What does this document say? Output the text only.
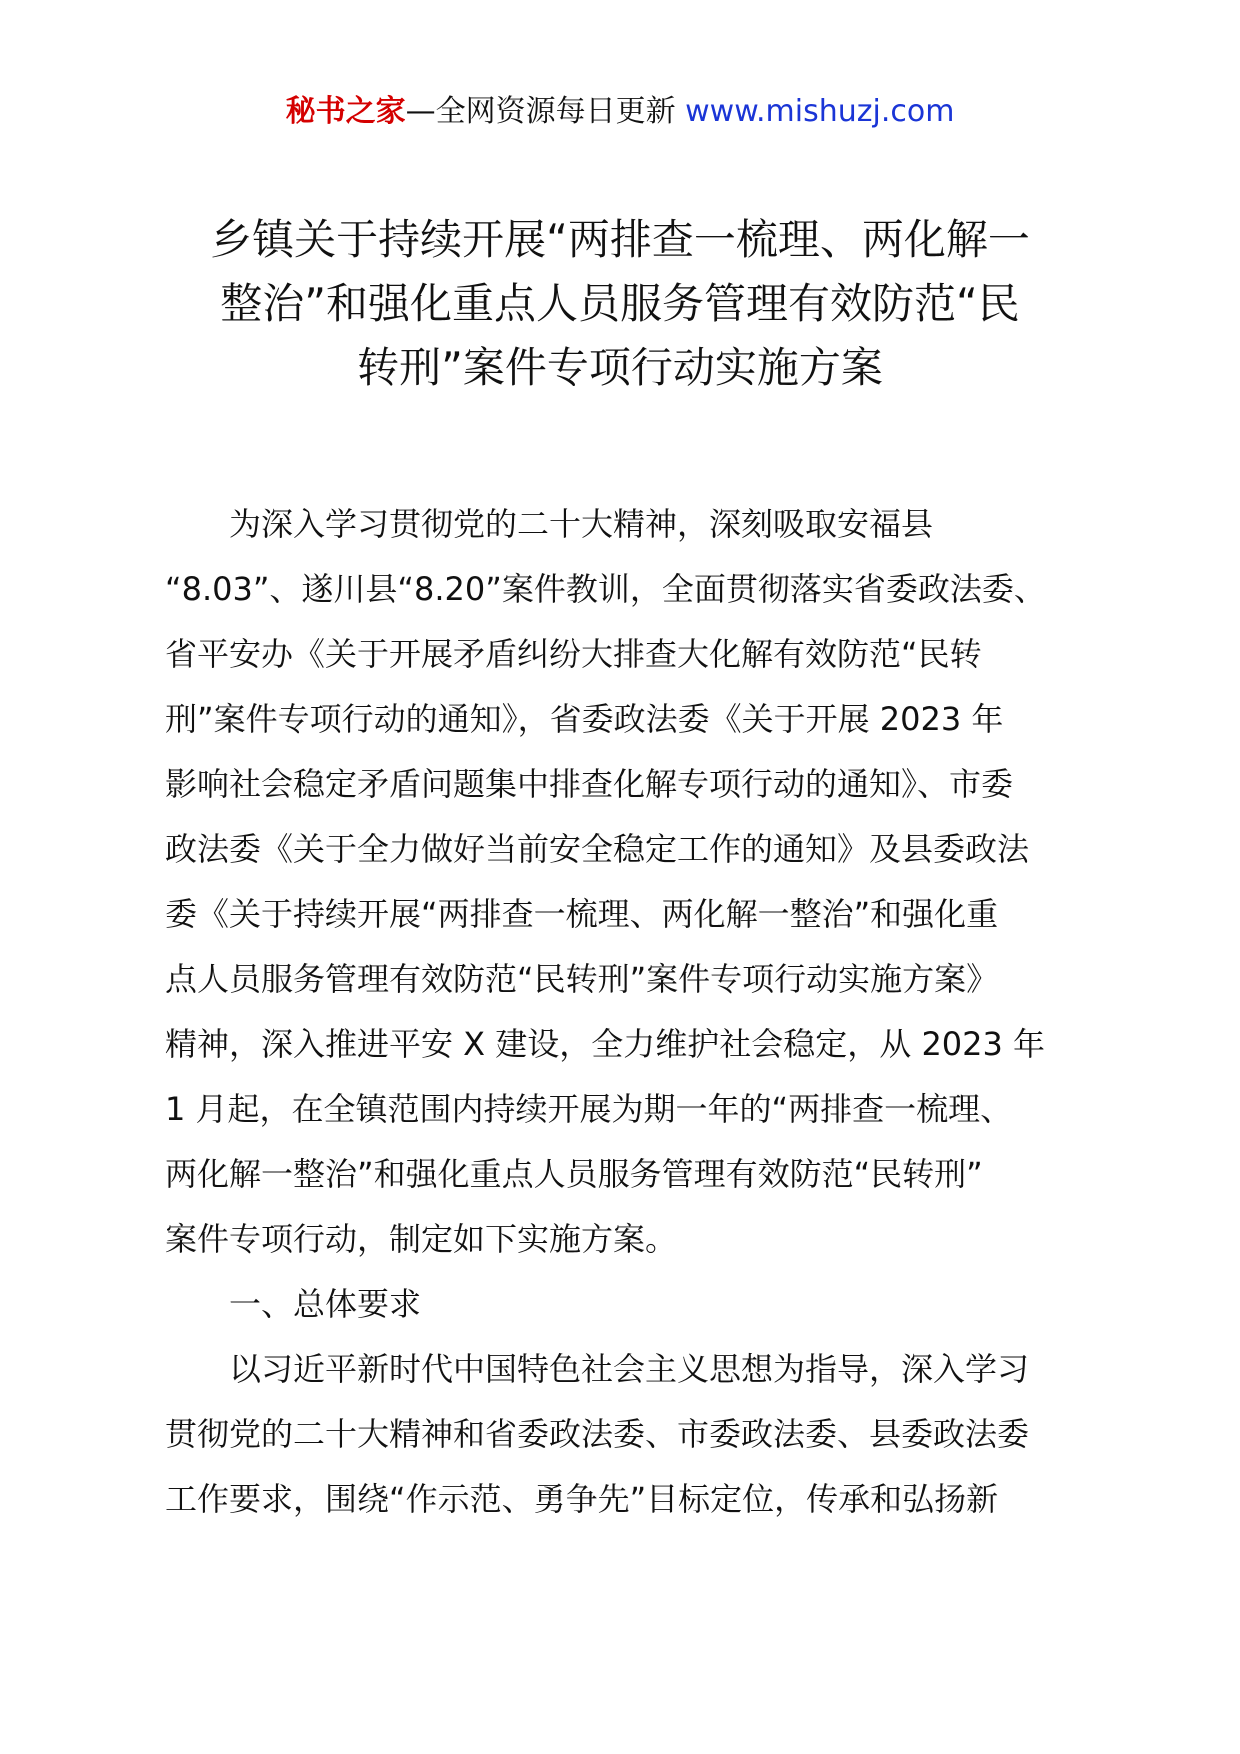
秘书之家—全网资源每日更新 www.mishuzj.com
乡镇关于持续开展“两排查一梳理、两化解一
整治”和强化重点人员服务管理有效防范“民
转刑”案件专项行动实施方案
为深入学习贯彻党的二十大精神，深刻吸取安福县
“8.03”、遂川县“8.20”案件教训，全面贯彻落实省委政法委、
省平安办《关于开展矛盾纠纷大排查大化解有效防范“民转
刑”案件专项行动的通知》，省委政法委《关于开展 2023 年
影响社会稳定矛盾问题集中排查化解专项行动的通知》、市委
政法委《关于全力做好当前安全稳定工作的通知》及县委政法
委《关于持续开展“两排查一梳理、两化解一整治”和强化重
点人员服务管理有效防范“民转刑”案件专项行动实施方案》
精神，深入推进平安 X 建设，全力维护社会稳定，从 2023 年
1 月起，在全镇范围内持续开展为期一年的“两排查一梳理、
两化解一整治”和强化重点人员服务管理有效防范“民转刑”
案件专项行动，制定如下实施方案。
一、总体要求
以习近平新时代中国特色社会主义思想为指导，深入学习
贯彻党的二十大精神和省委政法委、市委政法委、县委政法委
工作要求，围绕“作示范、勇争先”目标定位，传承和弘扬新
